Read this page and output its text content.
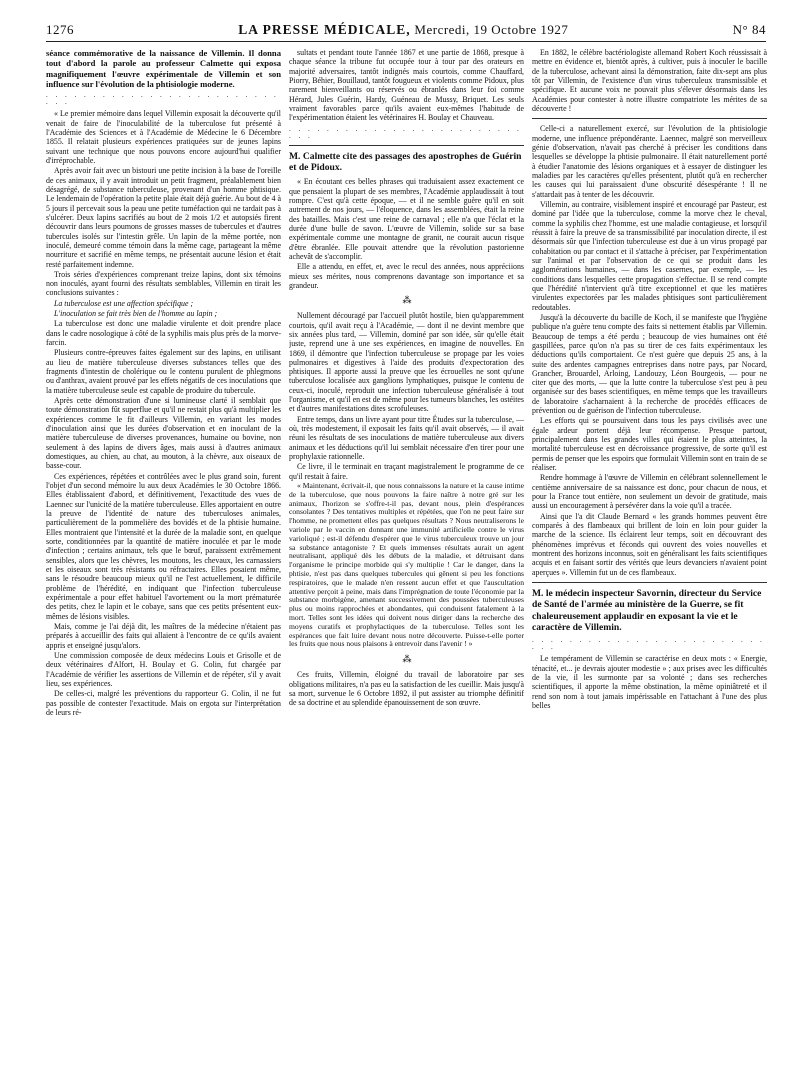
1276	LA PRESSE MÉDICALE, Mercredi, 19 Octobre 1927	N° 84

séance commémorative de la naissance de Villemin. Il donna tout d'abord la parole au professeur Calmette qui exposa magnifiquement l'œuvre expérimentale de Villemin et son influence sur l'évolution de la phtisiologie moderne.

. . . . . . . . . . . . . . . . . . . . . . . . . . . .

« Le premier mémoire dans lequel Villemin exposait la découverte qu'il venait de faire de l'inoculabilité de la tuberculose fut présenté à l'Académie des Sciences et à l'Académie de Médecine le 6 Décembre 1855. Il relatait plusieurs expériences pratiquées sur de jeunes lapins suivant une technique que nous pouvons encore aujourd'hui qualifier d'irréprochable.

Après avoir fait avec un bistouri une petite incision à la base de l'oreille de ces animaux, il y avait introduit un petit fragment, préalablement bien désagrégé, de substance tuberculeuse, provenant d'un homme phtisique. Le lendemain de l'opération la petite plaie était déjà guérie. Au bout de 4 à 5 jours il percevait sous la peau une petite tuméfaction qui ne tardait pas à s'ulcérer. Deux lapins sacrifiés au bout de 2 mois 1/2 et autopsiés firent découvrir dans leurs poumons de grosses masses de tubercules et d'autres tubercules isolés sur l'intestin grêle. Un lapin de la même portée, non inoculé, demeuré comme témoin dans la même cage, partageant la même nourriture et sacrifié en même temps, ne présentait aucune lésion et était resté parfaitement indemne.

Trois séries d'expériences comprenant treize lapins, dont six témoins non inoculés, ayant fourni des résultats semblables, Villemin en tirait les conclusions suivantes :

La tuberculose est une affection spécifique ;

L'inoculation se fait très bien de l'homme au lapin ;

La tuberculose est donc une maladie virulente et doit prendre place dans le cadre nosologique à côté de la syphilis mais plus près de la morve-farcin.

Plusieurs contre-épreuves faites également sur des lapins, en utilisant au lieu de matière tuberculeuse diverses substances telles que des fragments d'intestin de cholérique ou le contenu purulent de phlegmons ou d'anthrax, avaient prouvé par les effets négatifs de ces inoculations que la matière tuberculeuse seule est capable de produire du tubercule.

Après cette démonstration d'une si lumineuse clarté il semblait que toute démonstration fût superflue et qu'il ne restait plus qu'à multiplier les expériences comme le fit d'ailleurs Villemin, en variant les modes d'inoculation ainsi que les durées d'observation et en inoculant de la matière tuberculeuse de diverses provenances, humaine ou bovine, non seulement à des lapins de divers âges, mais aussi à d'autres animaux domestiques, au chien, au chat, au mouton, à la chèvre, aux oiseaux de basse-cour.

Ces expériences, répétées et contrôlées avec le plus grand soin, furent l'objet d'un second mémoire lu aux deux Académies le 30 Octobre 1866. Elles établissaient d'abord, et définitivement, l'exactitude des vues de Laennec sur l'unicité de la matière tuberculeuse. Elles apportaient en outre la preuve de l'identité de nature des tuberculoses animales, particulièrement de la pommelière des bovidés et de la phtisie humaine. Elles montraient que l'intensité et la durée de la maladie sont, en quelque sorte, conditionnées par la quantité de matière inoculée et par le mode d'infection ; certains animaux, tels que le bœuf, paraissent extrêmement sensibles, alors que les chèvres, les moutons, les chevaux, les carnassiers et les oiseaux sont très résistants ou réfractaires. Elles posaient même, sans le résoudre beaucoup mieux qu'il ne l'est actuellement, le difficile problème de l'hérédité, en indiquant que l'infection tuberculeuse expérimentale a pour effet habituel l'avortement ou la mort prématurée des petits, chez le lapin et le cobaye, sans que ces petits présentent eux-mêmes de lésions visibles.

Mais, comme je l'ai déjà dit, les maîtres de la médecine n'étaient pas préparés à accueillir des faits qui allaient à l'encontre de ce qu'ils avaient appris et enseigné jusqu'alors.

Une commission composée de deux médecins Louis et Grisolle et de deux vétérinaires d'Alfort, H. Boulay et G. Colin, fut chargée par l'Académie de vérifier les assertions de Villemin et de répéter, s'il y avait lieu, ses expériences.

De celles-ci, malgré les préventions du rapporteur G. Colin, il ne fut pas possible de contester l'exactitude. Mais on ergota sur l'interprétation de leurs ré-

sultats et pendant toute l'année 1867 et une partie de 1868, presque à chaque séance la tribune fut occupée tour à tour par des orateurs en majorité adversaires, tantôt indignés mais courtois, comme Chauffard, Piorry, Béhier, Bouillaud, tantôt fougueux et violents comme Pidoux, plus rarement bienveillants ou réservés ou ébranlés dans leur foi comme Hérard, Jules Guérin, Hardy, Guéneau de Mussy, Briquet. Les seuls vraiment favorables parce qu'ils avaient eux-mêmes l'habitude de l'expérimentation étaient les vétérinaires H. Boulay et Chauveau.

. . . . . . . . . . . . . . . . . . . . . . . . . . . .
M. Calmette cite des passages des apostrophes de Guérin et de Pidoux.

« En écoutant ces belles phrases qui traduisaient assez exactement ce que pensaient la plupart de ses membres, l'Académie applaudissait à tout rompre. C'est qu'à cette époque, — et il ne semble guère qu'il en soit autrement de nos jours, — l'éloquence, dans les assemblées, était la reine des batailles. Mais c'est une reine de carnaval ; elle n'a que l'éclat et la durée d'une bulle de savon. L'œuvre de Villemin, solide sur sa base expérimentale comme une montagne de granit, ne courait aucun risque d'être ébranlée. Elle pouvait attendre que la révolution pastorienne achevât de s'accomplir.

Elle a attendu, en effet, et, avec le recul des années, nous appréciions mieux ses mérites, nous comprenons davantage son importance et sa grandeur.

⁂

Nullement découragé par l'accueil plutôt hostile, bien qu'apparemment courtois, qu'il avait reçu à l'Académie, — dont il ne devint membre que six années plus tard, — Villemin, dominé par son idée, sûr qu'elle était juste, reprend une à une ses expériences, en imagine de nouvelles. En 1869, il démontre que l'infection tuberculeuse se propage par les voies pulmonaires et digestives à l'aide des produits d'expectoration des phtisiques. Il apporte aussi la preuve que les écrouelles ne sont qu'une tuberculose localisée aux ganglions lymphatiques, puisque le contenu de ceux-ci, inoculé, reproduit une infection tuberculeuse généralisée à tout l'organisme, et qu'il en est de même pour les tumeurs blanches, les ostéites et d'autres manifestations dites scrofuleuses.

Entre temps, dans un livre ayant pour titre Études sur la tuberculose, — où, très modestement, il exposait les faits qu'il avait observés, — il avait réuni les résultats de ses inoculations de matière tuberculeuse aux divers animaux et les déductions qu'il lui semblait nécessaire d'en tirer pour une prophylaxie rationnelle.

Ce livre, il le terminait en traçant magistralement le programme de ce qu'il restait à faire.

« Maintenant, écrivait-il, que nous connaissons la nature et la cause intime de la tuberculose, que nous pouvons la faire naître à notre gré sur les animaux, l'horizon se s'offre-t-il pas, devant nous, plein d'espérances consolantes ? Des tentatives multiples et répétées, que l'on ne peut faire sur l'homme, ne promettent elles pas quelques résultats ? Nous neutraliserons le variole par le vaccin en donnant une immunité artificielle contre le virus varioliqué ; est-il défendu d'espérer que le virus tuberculeux trouve un jour sa substance antagoniste ? Et quels immenses résultats aurait un agent neutralisant, appliqué dès les débuts de la maladie, et détruisant dans l'organisme le principe morbide qui s'y multiplie ! Car le danger, dans la phtisie, n'est pas dans quelques tubercules qui gênent si peu les fonctions respiratoires, que le malade n'en ressent aucun effet et que l'auscultation attentive perçoit à peine, mais dans l'imprégnation de toute l'économie par la substance morbigène, amenant successivement des poussées tuberculeuses plus ou moins rapprochées et abondantes, qui conduisent fatalement à la mort. Telles sont les idées qui doivent nous diriger dans la recherche des moyens curatifs et prophylactiques de la tuberculose. Telles sont les espérances que fait luire devant nous notre découverte. Puisse-t-elle porter les fruits que nous nous plaisons à entrevoir dans l'avenir ! »

⁂

Ces fruits, Villemin, éloigné du travail de laboratoire par ses obligations militaires, n'a pas eu la satisfaction de les cueillir. Mais jusqu'à sa mort, survenue le 6 Octobre 1892, il put assister au triomphe définitif de sa doctrine et au splendide épanouissement de son œuvre.

En 1882, le célèbre bactériologiste allemand Robert Koch réussissait à mettre en évidence et, bientôt après, à cultiver, puis à inoculer le bacille de la tuberculose, achevant ainsi la démonstration, faite dix-sept ans plus tôt par Villemin, de l'existence d'un virus tuberculeux transmissible et spécifique. Et aucune voix ne pouvait plus s'élever désormais dans les Académies pour contester à notre illustre compatriote les mérites de sa découverte !

Celle-ci a naturellement exercé, sur l'évolution de la phtisiologie moderne, une influence prépondérante. Laennec, malgré son merveilleux génie d'observation, n'avait pas cherché à préciser les conditions dans lesquelles se développe la phtisie pulmonaire. Il était naturellement porté à étudier l'anatomie des lésions organiques et à essayer de distinguer les maladies par les caractères qu'elles présentent, plutôt qu'à en rechercher les causes qui lui paraissaient d'une obscurité désespérante ! Il ne s'attardait pas à tenter de les découvrir.

Villemin, au contraire, visiblement inspiré et encouragé par Pasteur, est dominé par l'idée que la tuberculose, comme la morve chez le cheval, comme la syphilis chez l'homme, est une maladie contagieuse, et lorsqu'il réussit à faire la preuve de sa transmissibilité par inoculation directe, il est désormais sûr que l'infection tuberculeuse est due à un virus propagé par cohabitation ou par contact et il s'attache à préciser, par l'expérimentation sur l'animal et par l'observation de ce qui se produit dans les agglomérations humaines, — dans les casernes, par exemple, — les conditions dans lesquelles cette propagation s'effectue. Il se rend compte que l'hérédité n'intervient qu'à titre exceptionnel et que les matières virulentes expectorées par les malades phtisiques sont particulièrement redoutables.

Jusqu'à la découverte du bacille de Koch, il se manifeste que l'hygiène publique n'a guère tenu compte des faits si nettement établis par Villemin. Beaucoup de temps a été perdu ; beaucoup de vies humaines ont été gaspillées, parce qu'on n'a pas su tirer de ces faits expérimentaux les déductions qu'ils comportaient. Ce n'est guère que depuis 25 ans, à la suite des ardentes campagnes entreprises dans notre pays, par Nocard, Grancher, Brouardel, Arloing, Landouzy, Léon Bourgeois, — pour ne citer que des morts, — que la lutte contre la tuberculose s'est peu à peu organisée sur des bases scientifiques, en même temps que les travailleurs de laboratoire s'acharnaient à la recherche de procédés efficaces de prévention ou de guérison de l'infection tuberculeuse.

Les efforts qui se poursuivent dans tous les pays civilisés avec une égale ardeur portent déjà leur récompense. Presque partout, principalement dans les grandes villes qui étaient le plus atteintes, la mortalité tuberculeuse est en décroissance progressive, de sorte qu'il est permis de penser que les espoirs que formulait Villemin sont en train de se réaliser.

Rendre hommage à l'œuvre de Villemin en célébrant solennellement le centième anniversaire de sa naissance est donc, pour chacun de nous, et pour la France tout entière, non seulement un devoir de gratitude, mais aussi un encouragement à persévérer dans la voie qu'il a tracée.

Ainsi que l'a dit Claude Bernard « les grands hommes peuvent être comparés à des flambeaux qui brillent de loin en loin pour guider la marche de la science. Ils éclairent leur temps, soit en découvrant des phénomènes imprévus et féconds qui ouvrent des voies nouvelles et montrent des horizons inconnus, soit en généralisant les faits scientifiques acquis et en faisant sortir des vérités que leurs devanciers n'avaient point aperçues ». Villemin fut un de ces flambeaux.

M. le médecin inspecteur Savornin, directeur du Service de Santé de l'armée au ministère de la Guerre, se fit chaleureusement applaudir en exposant la vie et le caractère de Villemin.
. . . . . . . . . . . . . . . . . . . . . . . . . . . .

Le tempérament de Villemin se caractérise en deux mots : « Energie, ténacité, et... je devrais ajouter modestie » ; aux prises avec les difficultés de la vie, il les surmonte par sa volonté ; dans ses recherches scientifiques, il apporte la même obstination, la même opiniâtreté et il rend son nom à tout jamais impérissable en l'attachant à l'une des plus belles
